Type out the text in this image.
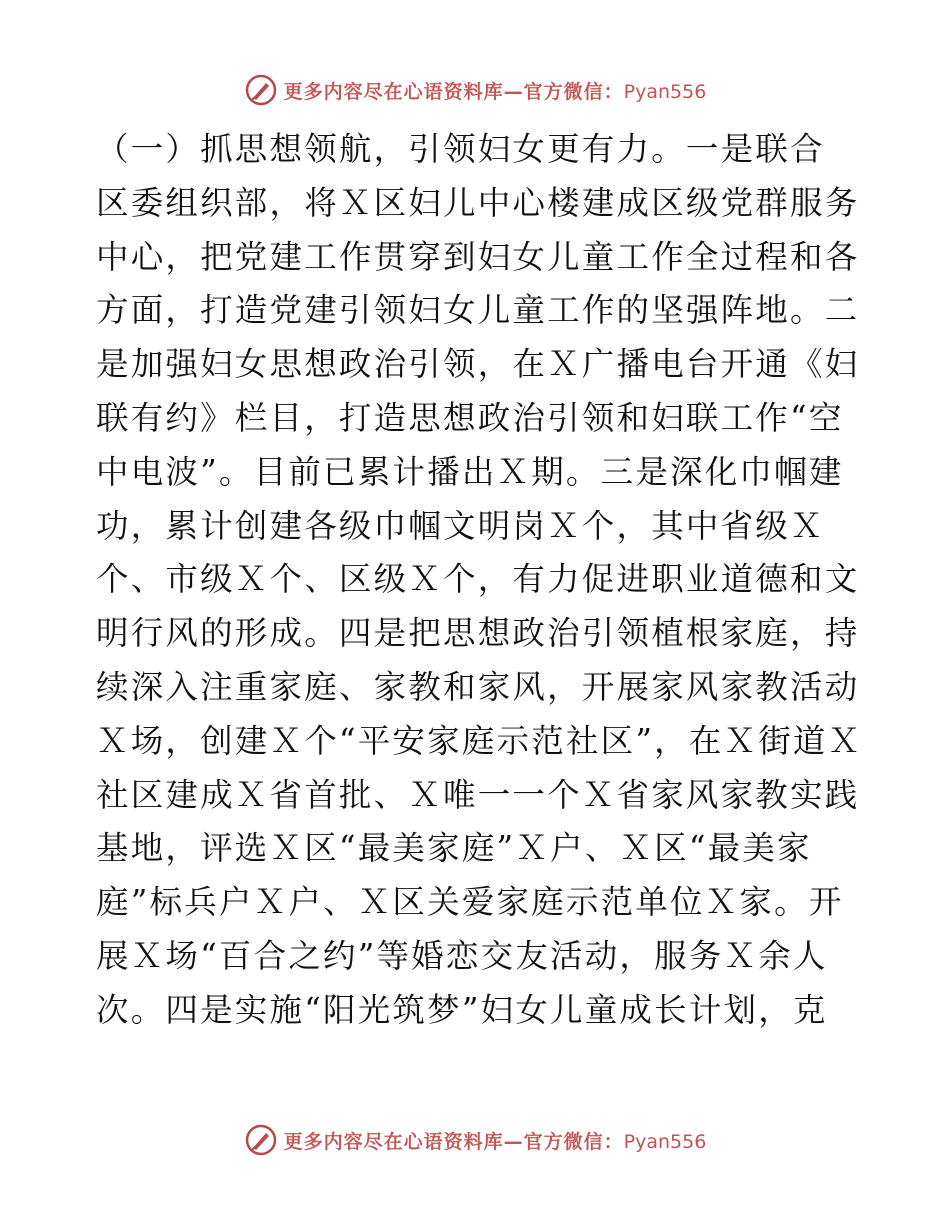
更多内容尽在心语资料库—官方微信：Pyan556
（一）抓思想领航，引领妇女更有力。一是联合
区委组织部，将Ｘ区妇儿中心楼建成区级党群服务
中心，把党建工作贯穿到妇女儿童工作全过程和各
方面，打造党建引领妇女儿童工作的坚强阵地。二
是加强妇女思想政治引领，在Ｘ广播电台开通《妇
联有约》栏目，打造思想政治引领和妇联工作“空
中电波”。目前已累计播出Ｘ期。三是深化巾帼建
功，累计创建各级巾帼文明岗Ｘ个，其中省级Ｘ
个、市级Ｘ个、区级Ｘ个，有力促进职业道德和文
明行风的形成。四是把思想政治引领植根家庭，持
续深入注重家庭、家教和家风，开展家风家教活动
Ｘ场，创建Ｘ个“平安家庭示范社区”，在Ｘ街道Ｘ
社区建成Ｘ省首批、Ｘ唯一一个Ｘ省家风家教实践
基地，评选Ｘ区“最美家庭”Ｘ户、Ｘ区“最美家
庭”标兵户Ｘ户、Ｘ区关爱家庭示范单位Ｘ家。开
展Ｘ场“百合之约”等婚恋交友活动，服务Ｘ余人
次。四是实施“阳光筑梦”妇女儿童成长计划，克
更多内容尽在心语资料库—官方微信：Pyan556
